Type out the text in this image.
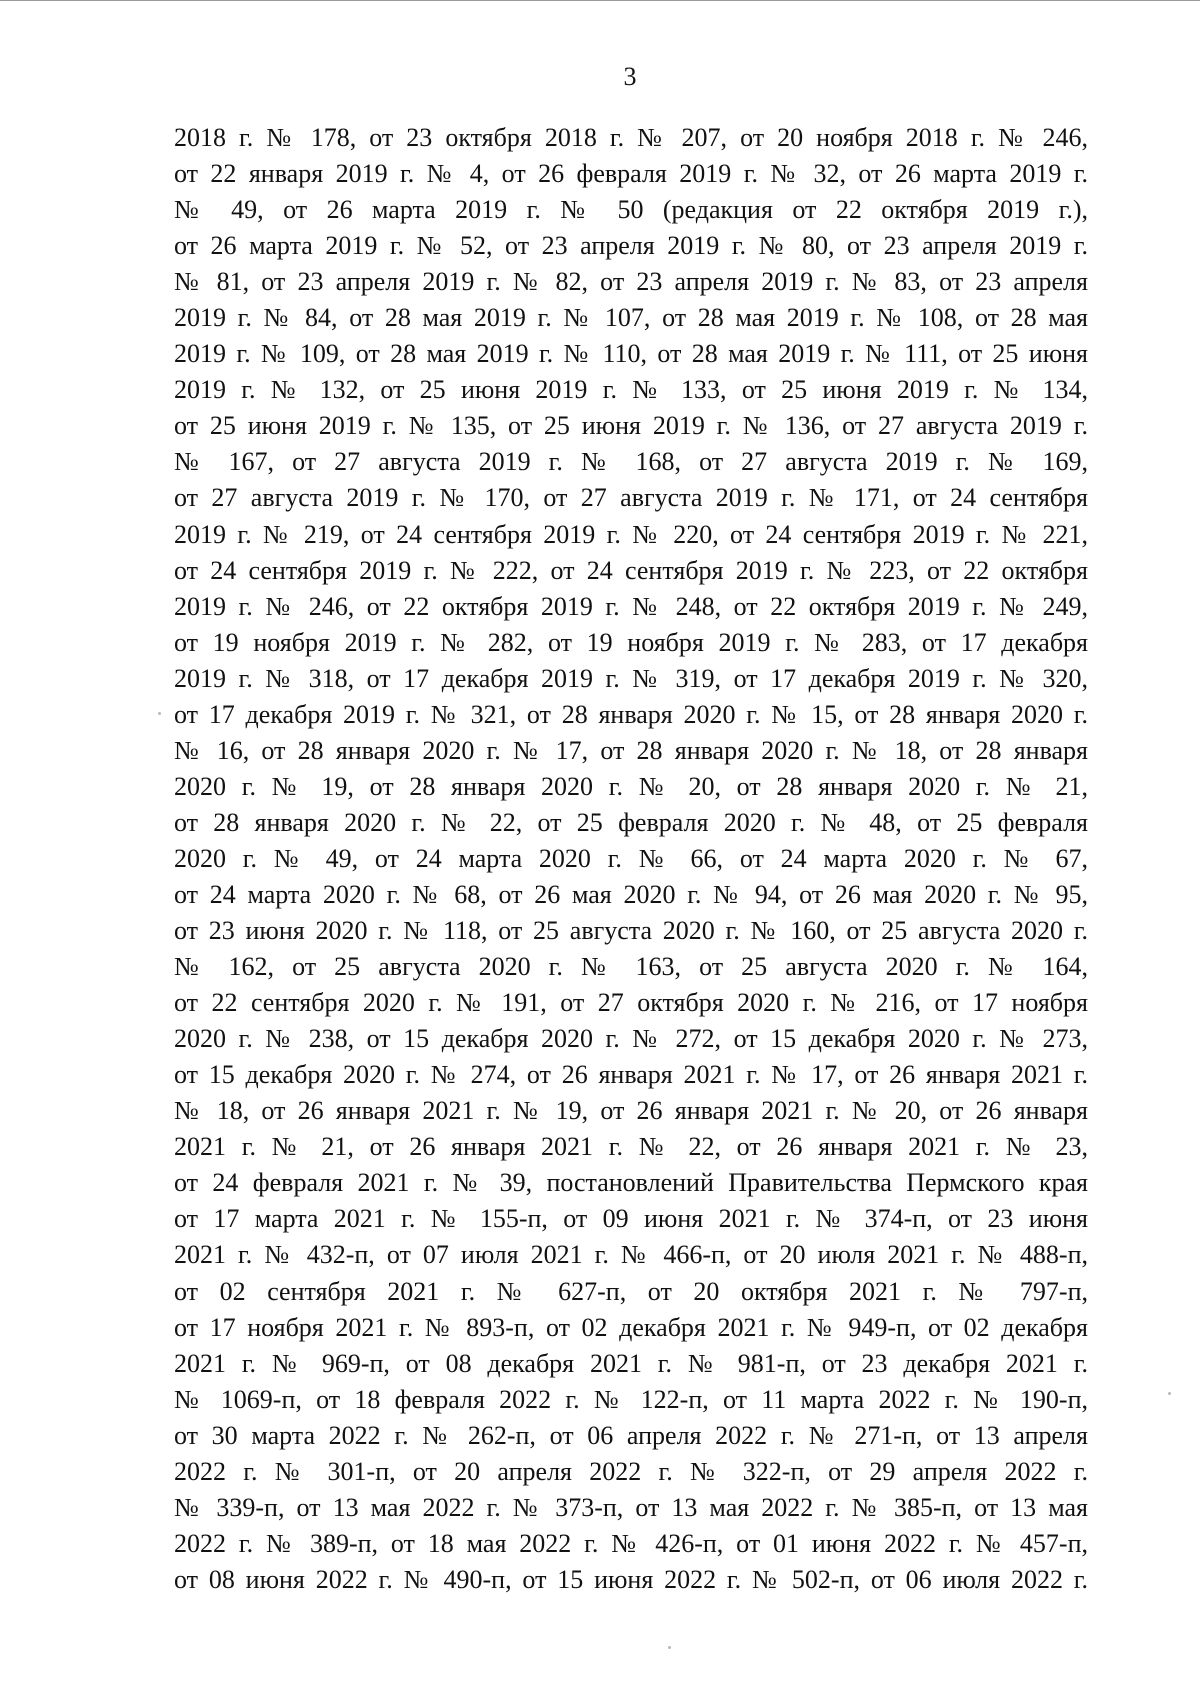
3
2018 г. № 178, от 23 октября 2018 г. № 207, от 20 ноября 2018 г. № 246,
от 22 января 2019 г. № 4, от 26 февраля 2019 г. № 32, от 26 марта 2019 г.
№ 49, от 26 марта 2019 г. № 50 (редакция от 22 октября 2019 г.),
от 26 марта 2019 г. № 52, от 23 апреля 2019 г. № 80, от 23 апреля 2019 г.
№ 81, от 23 апреля 2019 г. № 82, от 23 апреля 2019 г. № 83, от 23 апреля
2019 г. № 84, от 28 мая 2019 г. № 107, от 28 мая 2019 г. № 108, от 28 мая
2019 г. № 109, от 28 мая 2019 г. № 110, от 28 мая 2019 г. № 111, от 25 июня
2019 г. № 132, от 25 июня 2019 г. № 133, от 25 июня 2019 г. № 134,
от 25 июня 2019 г. № 135, от 25 июня 2019 г. № 136, от 27 августа 2019 г.
№ 167, от 27 августа 2019 г. № 168, от 27 августа 2019 г. № 169,
от 27 августа 2019 г. № 170, от 27 августа 2019 г. № 171, от 24 сентября
2019 г. № 219, от 24 сентября 2019 г. № 220, от 24 сентября 2019 г. № 221,
от 24 сентября 2019 г. № 222, от 24 сентября 2019 г. № 223, от 22 октября
2019 г. № 246, от 22 октября 2019 г. № 248, от 22 октября 2019 г. № 249,
от 19 ноября 2019 г. № 282, от 19 ноября 2019 г. № 283, от 17 декабря
2019 г. № 318, от 17 декабря 2019 г. № 319, от 17 декабря 2019 г. № 320,
от 17 декабря 2019 г. № 321, от 28 января 2020 г. № 15, от 28 января 2020 г.
№ 16, от 28 января 2020 г. № 17, от 28 января 2020 г. № 18, от 28 января
2020 г. № 19, от 28 января 2020 г. № 20, от 28 января 2020 г. № 21,
от 28 января 2020 г. № 22, от 25 февраля 2020 г. № 48, от 25 февраля
2020 г. № 49, от 24 марта 2020 г. № 66, от 24 марта 2020 г. № 67,
от 24 марта 2020 г. № 68, от 26 мая 2020 г. № 94, от 26 мая 2020 г. № 95,
от 23 июня 2020 г. № 118, от 25 августа 2020 г. № 160, от 25 августа 2020 г.
№ 162, от 25 августа 2020 г. № 163, от 25 августа 2020 г. № 164,
от 22 сентября 2020 г. № 191, от 27 октября 2020 г. № 216, от 17 ноября
2020 г. № 238, от 15 декабря 2020 г. № 272, от 15 декабря 2020 г. № 273,
от 15 декабря 2020 г. № 274, от 26 января 2021 г. № 17, от 26 января 2021 г.
№ 18, от 26 января 2021 г. № 19, от 26 января 2021 г. № 20, от 26 января
2021 г. № 21, от 26 января 2021 г. № 22, от 26 января 2021 г. № 23,
от 24 февраля 2021 г. № 39, постановлений Правительства Пермского края
от 17 марта 2021 г. № 155-п, от 09 июня 2021 г. № 374-п, от 23 июня
2021 г. № 432-п, от 07 июля 2021 г. № 466-п, от 20 июля 2021 г. № 488-п,
от 02 сентября 2021 г. № 627-п, от 20 октября 2021 г. № 797-п,
от 17 ноября 2021 г. № 893-п, от 02 декабря 2021 г. № 949-п, от 02 декабря
2021 г. № 969-п, от 08 декабря 2021 г. № 981-п, от 23 декабря 2021 г.
№ 1069-п, от 18 февраля 2022 г. № 122-п, от 11 марта 2022 г. № 190-п,
от 30 марта 2022 г. № 262-п, от 06 апреля 2022 г. № 271-п, от 13 апреля
2022 г. № 301-п, от 20 апреля 2022 г. № 322-п, от 29 апреля 2022 г.
№ 339-п, от 13 мая 2022 г. № 373-п, от 13 мая 2022 г. № 385-п, от 13 мая
2022 г. № 389-п, от 18 мая 2022 г. № 426-п, от 01 июня 2022 г. № 457-п,
от 08 июня 2022 г. № 490-п, от 15 июня 2022 г. № 502-п, от 06 июля 2022 г.
